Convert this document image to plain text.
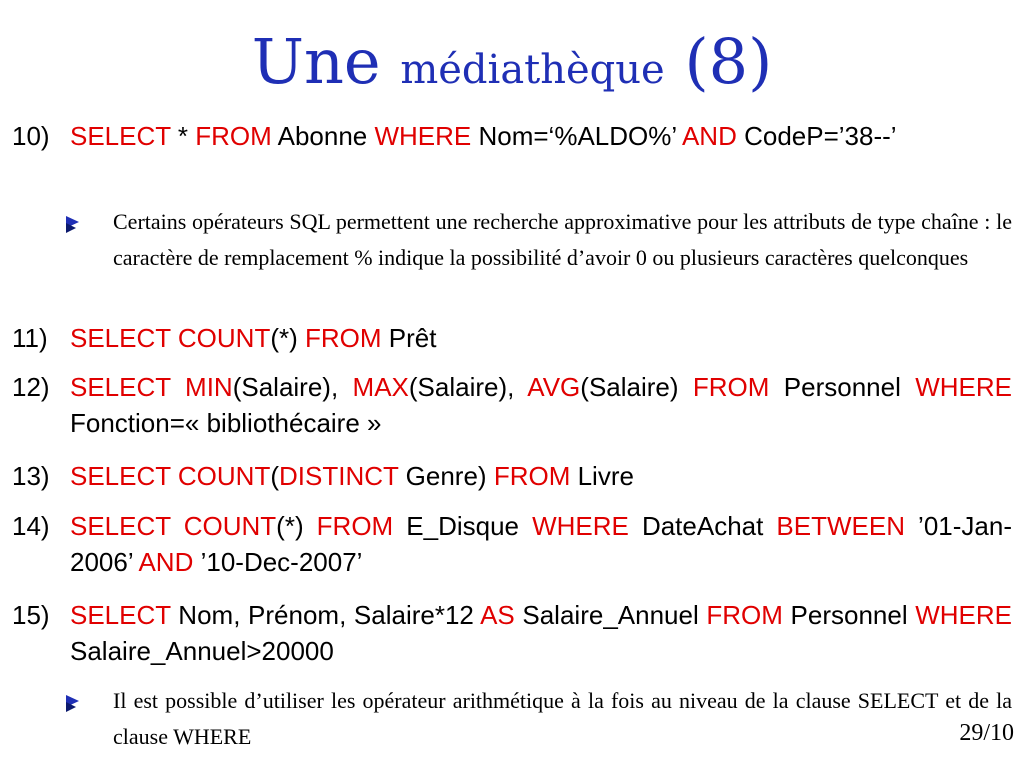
Une médiathèque (8)
10) SELECT * FROM Abonne WHERE Nom=‘%ALDO%’ AND CodeP=’38--’
Certains opérateurs SQL permettent une recherche approximative pour les attributs de type chaîne : le caractère de remplacement % indique la possibilité d’avoir 0 ou plusieurs caractères quelconques
11) SELECT COUNT(*) FROM Prêt
12) SELECT MIN(Salaire), MAX(Salaire), AVG(Salaire) FROM Personnel WHERE Fonction=« bibliothécaire »
13) SELECT COUNT(DISTINCT Genre) FROM Livre
14) SELECT COUNT(*) FROM E_Disque WHERE DateAchat BETWEEN ’01-Jan-2006’ AND ’10-Dec-2007’
15) SELECT Nom, Prénom, Salaire*12 AS Salaire_Annuel FROM Personnel WHERE Salaire_Annuel>20000
Il est possible d’utiliser les opérateur arithmétique à la fois au niveau de la clause SELECT et de la clause WHERE	29/10
